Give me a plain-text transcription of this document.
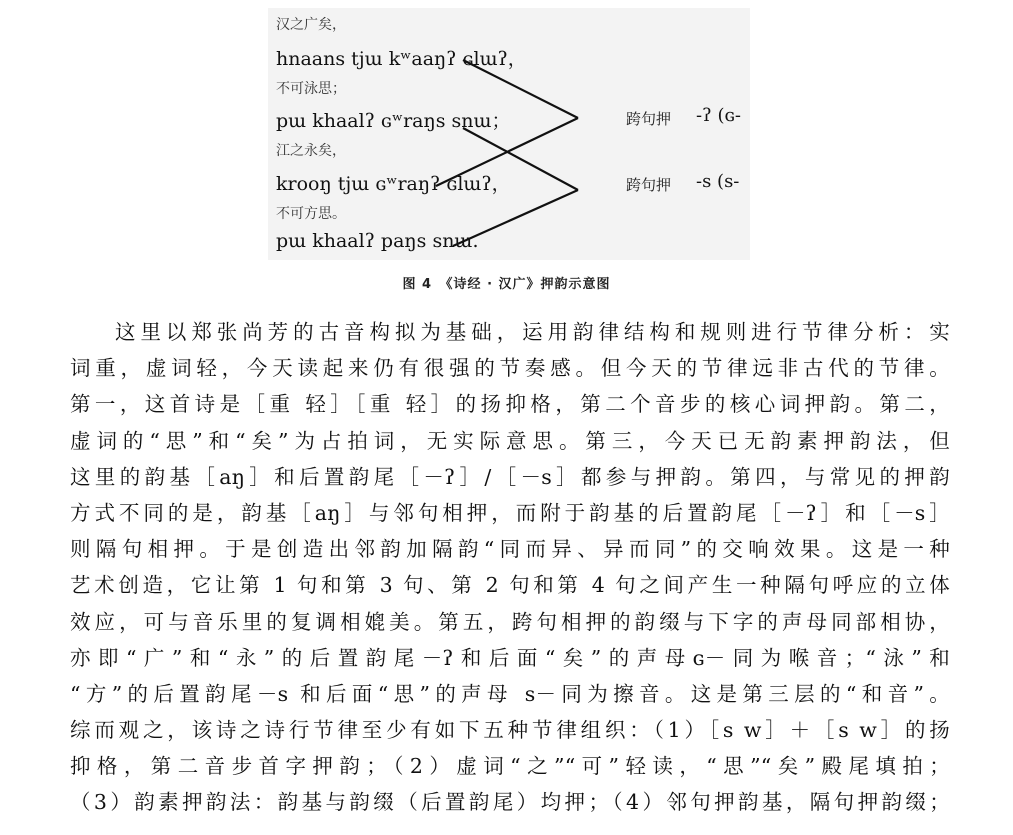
汉之广矣，
hnaans tjɯ kʷaaŋʔ ɢlɯʔ，
不可泳思；
pɯ khaalʔ ɢʷraŋs snɯ；
江之永矣，
krooŋ tjɯ ɢʷraŋʔ ɢlɯʔ，
不可方思。
pɯ khaalʔ paŋs snɯ.
跨句押 -ʔ (ɢ-
跨句押 -s (s-
图 4　《诗经 · 汉广》押韵示意图
这里以郑张尚芳的古音构拟为基础，运用韵律结构和规则进行节律分析：实
词重，虚词轻，今天读起来仍有很强的节奏感。但今天的节律远非古代的节律。
第一，这首诗是［重 轻］［重 轻］的扬抑格，第二个音步的核心词押韵。第二，
虚词的“思”和“矣”为占拍词，无实际意思。第三，今天已无韵素押韵法，但
这里的韵基［aŋ］和后置韵尾［－ʔ］/［－s］都参与押韵。第四，与常见的押韵
方式不同的是，韵基［aŋ］与邻句相押，而附于韵基的后置韵尾［－ʔ］和［－s］
则隔句相押。于是创造出邻韵加隔韵“同而异、异而同”的交响效果。这是一种
艺术创造，它让第 1 句和第 3 句、第 2 句和第 4 句之间产生一种隔句呼应的立体
效应，可与音乐里的复调相媲美。第五，跨句相押的韵缀与下字的声母同部相协，
亦即“广”和“永”的后置韵尾－ʔ和后面“矣”的声母ɢ－同为喉音；“泳”和
“方”的后置韵尾－s 和后面“思”的声母 s－同为擦音。这是第三层的“和音”。
综而观之，该诗之诗行节律至少有如下五种节律组织：（1）［s w］＋［s w］的扬
抑格，第二音步首字押韵；（2）虚词“之”“可”轻读，“思”“矣”殿尾填拍；
（3）韵素押韵法：韵基与韵缀（后置韵尾）均押；（4）邻句押韵基，隔句押韵缀；
